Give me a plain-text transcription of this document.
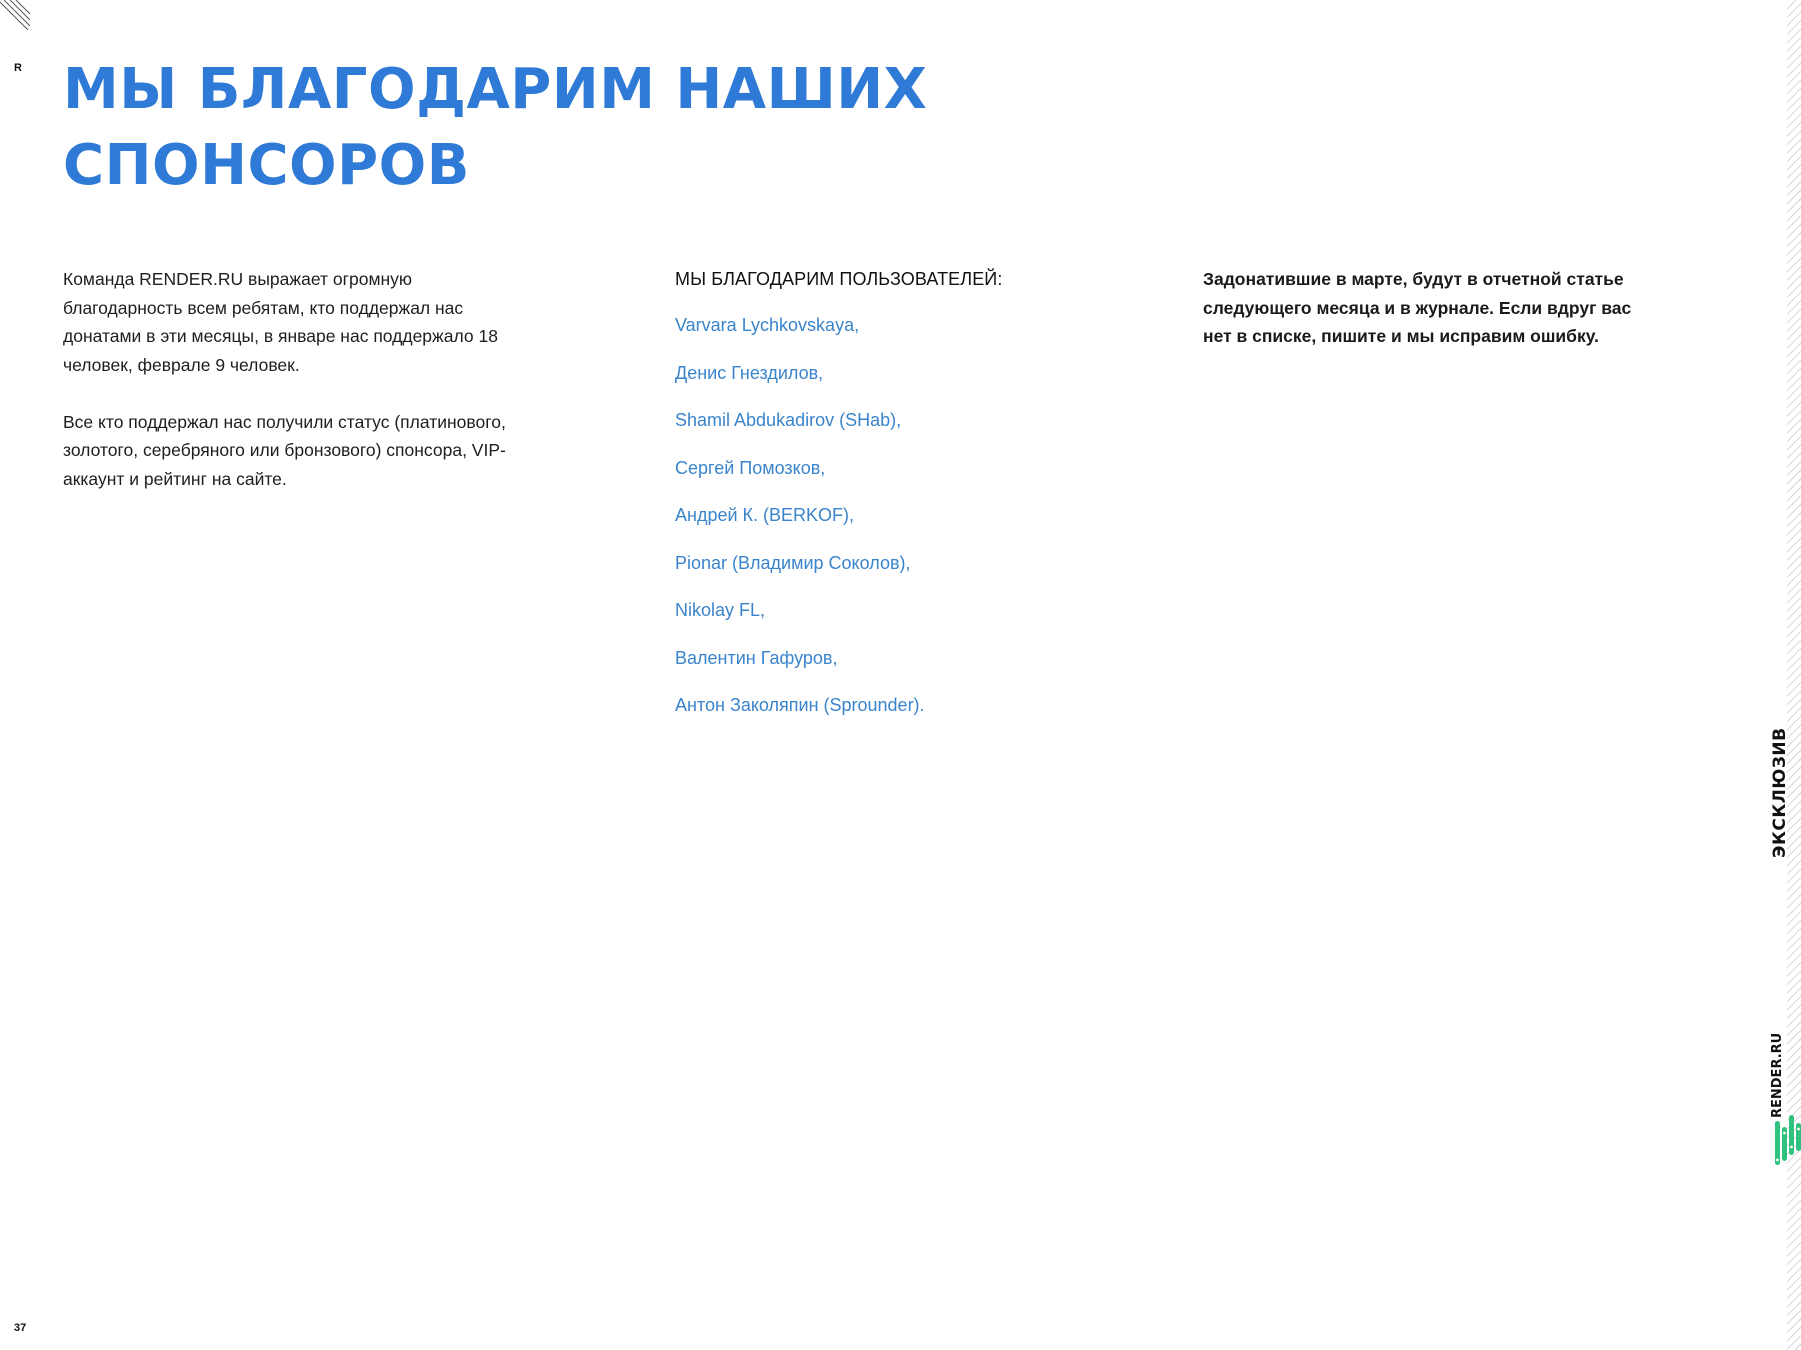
R МЫ БЛАГОДАРИМ НАШИХ
СПОНСОРОВ

Команда RENDER.RU выражает огромную благодарность всем ребятам, кто поддержал нас донатами в эти месяцы, в январе нас поддержало 18 человек, феврале 9 человек.

Все кто поддержал нас получили статус (платинового, золотого, серебряного или бронзового) спонсора, VIP-аккаунт и рейтинг на сайте.

МЫ БЛАГОДАРИМ ПОЛЬЗОВАТЕЛЕЙ:
Varvara Lychkovskaya,
Денис Гнездилов,
Shamil Abdukadirov (SHab),
Сергей Помозков,
Андрей К. (BERKOF),
Pionar (Владимир Соколов),
Nikolay FL,
Валентин Гафуров,
Антон Заколяпин (Sprounder).

Задонатившие в марте, будут в отчетной статье следующего месяца и в журнале. Если вдруг вас нет в списке, пишите и мы исправим ошибку.

ЭКСКЛЮЗИВ
RENDER.RU
37
